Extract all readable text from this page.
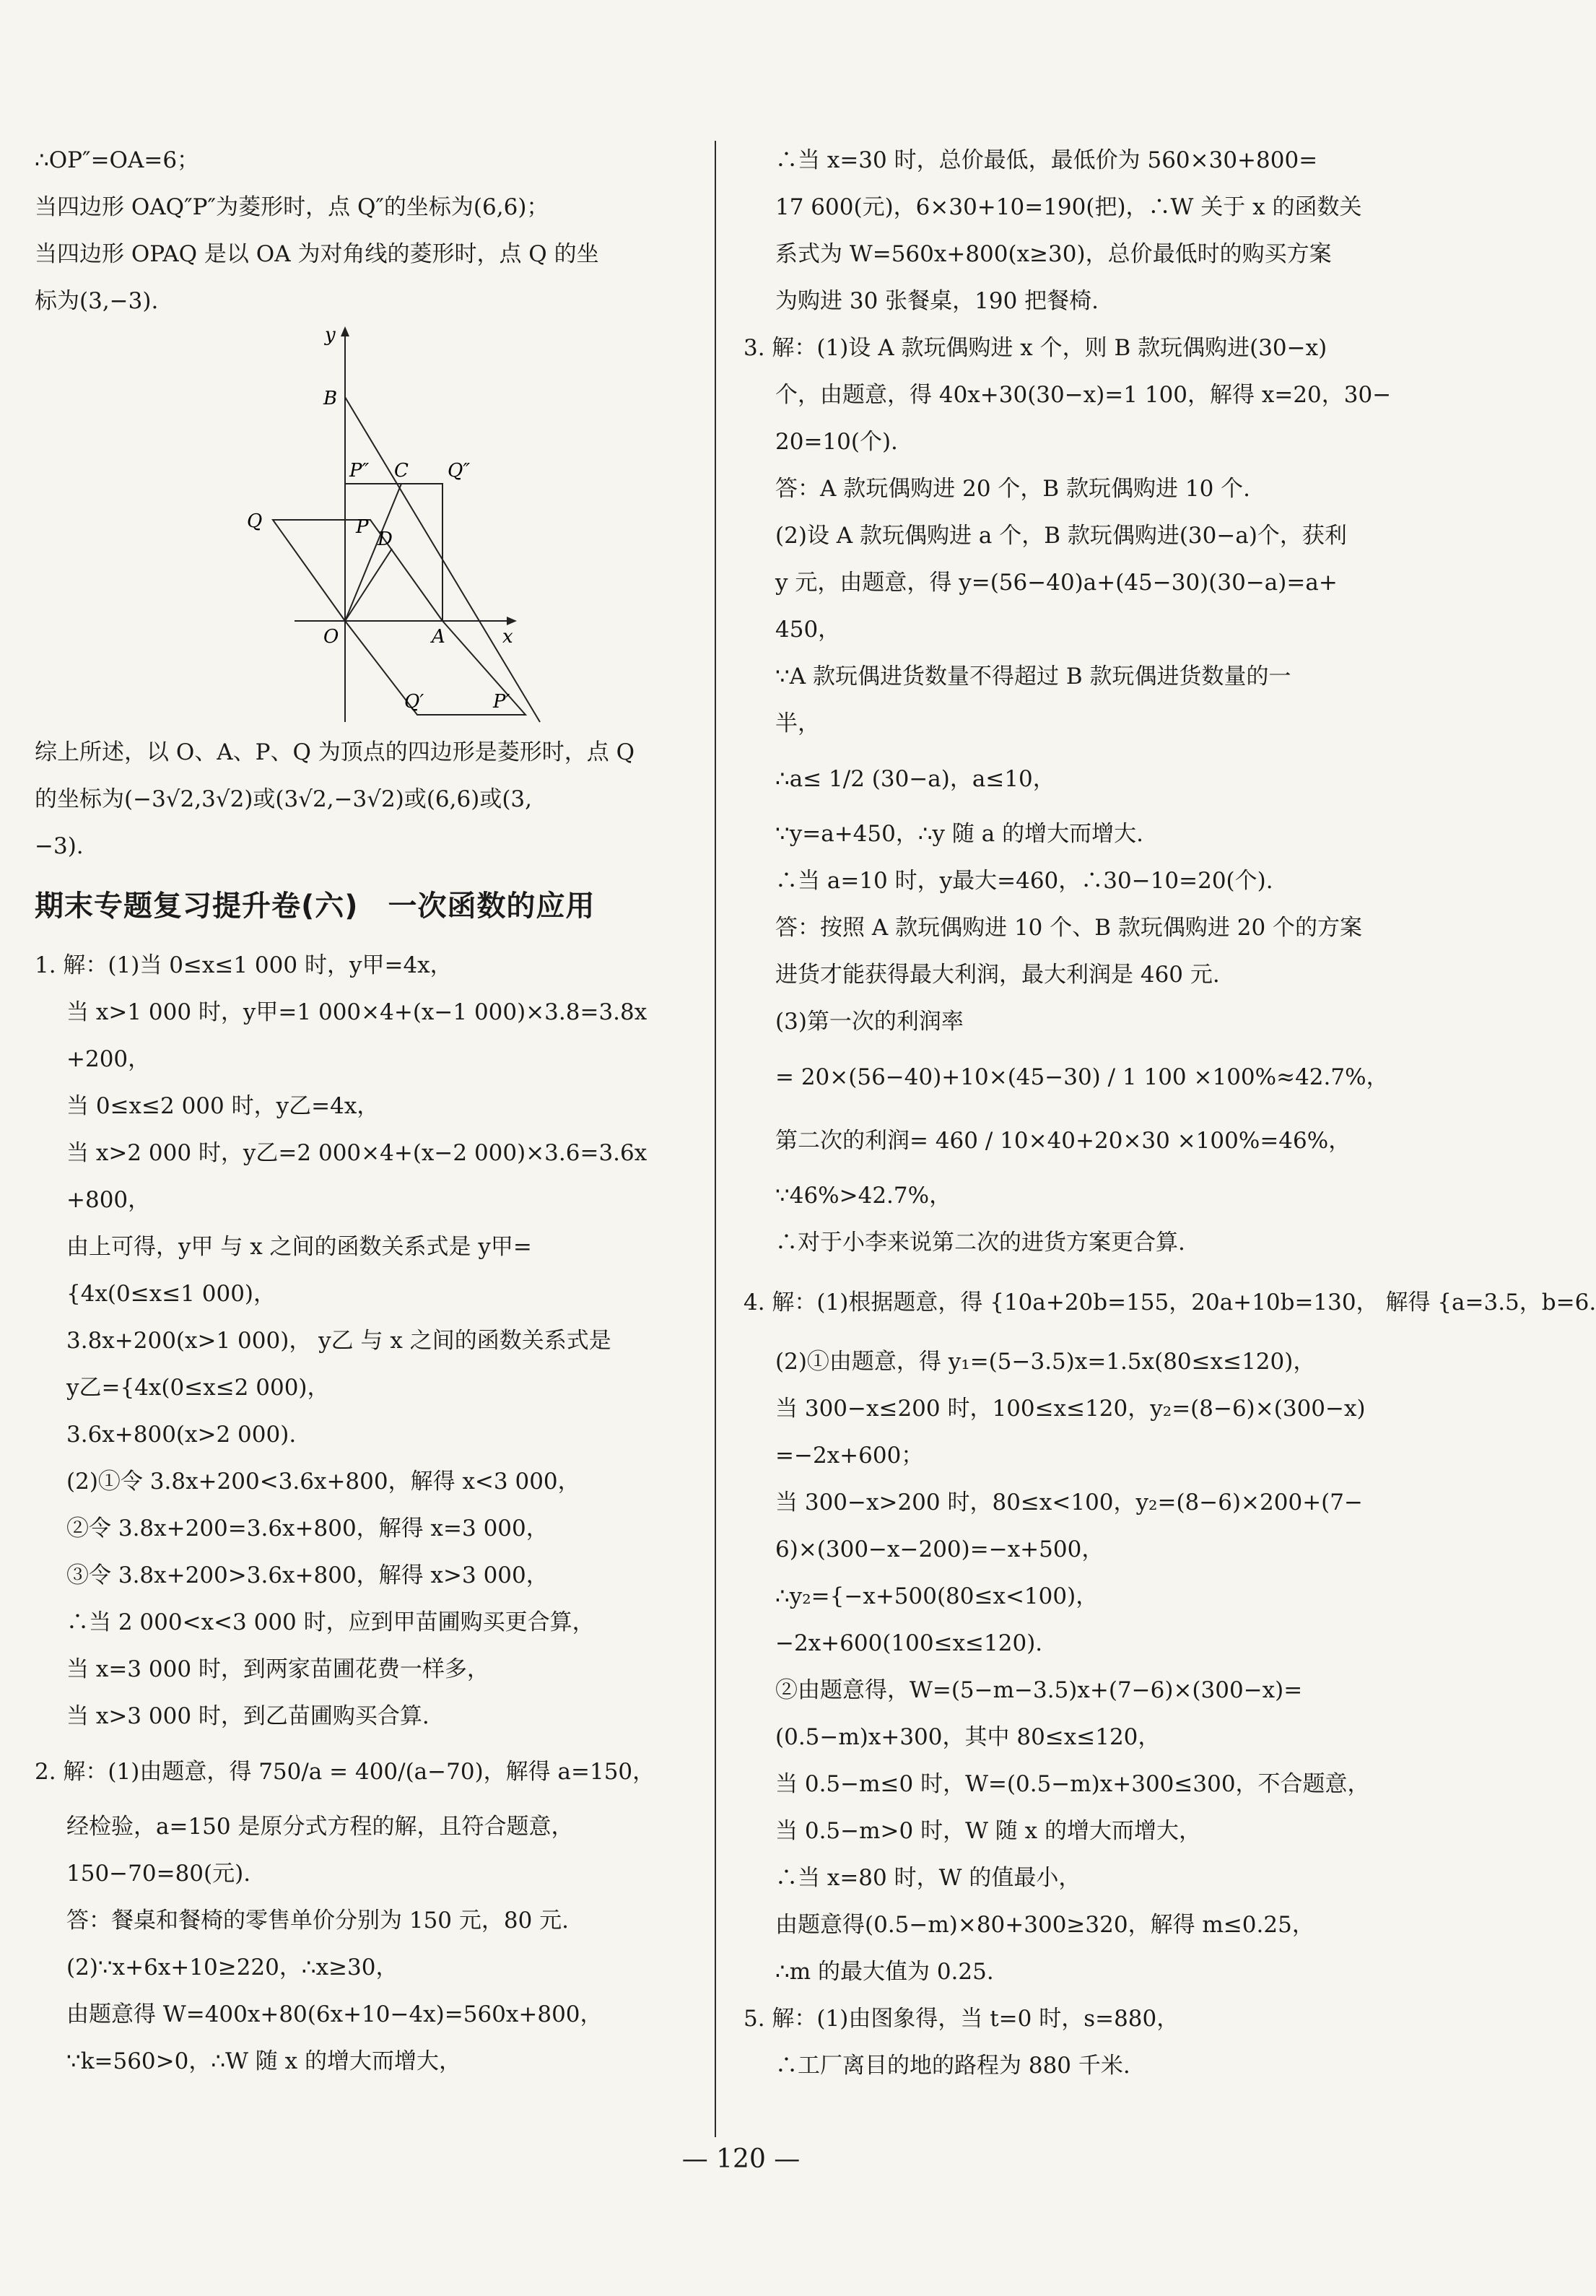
∴OP″=OA=6；
当四边形 OAQ″P″为菱形时，点 Q″的坐标为(6,6)；
当四边形 OPAQ 是以 OA 为对角线的菱形时，点 Q 的坐
标为(3,−3).
y
x
O	A
B
C
D
P
Q
P″	Q″
P′
Q′
综上所述，以 O、A、P、Q 为顶点的四边形是菱形时，点 Q
的坐标为(−3√2,3√2)或(3√2,−3√2)或(6,6)或(3,
−3).
期末专题复习提升卷(六)　一次函数的应用
1. 解：(1)当 0≤x≤1 000 时，y甲=4x，
当 x>1 000 时，y甲=1 000×4+(x−1 000)×3.8=3.8x
+200，
当 0≤x≤2 000 时，y乙=4x，
当 x>2 000 时，y乙=2 000×4+(x−2 000)×3.6=3.6x
+800，
由上可得，y甲 与 x 之间的函数关系式是 y甲=
{4x(0≤x≤1 000)，
3.8x+200(x>1 000)， y乙 与 x 之间的函数关系式是
y乙={4x(0≤x≤2 000)，
3.6x+800(x>2 000).
(2)①令 3.8x+200<3.6x+800，解得 x<3 000，
②令 3.8x+200=3.6x+800，解得 x=3 000，
③令 3.8x+200>3.6x+800，解得 x>3 000，
∴当 2 000<x<3 000 时，应到甲苗圃购买更合算，
当 x=3 000 时，到两家苗圃花费一样多，
当 x>3 000 时，到乙苗圃购买合算.
2. 解：(1)由题意，得 750/a = 400/(a−70)，解得 a=150，
经检验，a=150 是原分式方程的解，且符合题意，
150−70=80(元).
答：餐桌和餐椅的零售单价分别为 150 元，80 元.
(2)∵x+6x+10≥220，∴x≥30，
由题意得 W=400x+80(6x+10−4x)=560x+800，
∵k=560>0，∴W 随 x 的增大而增大，
∴当 x=30 时，总价最低，最低价为 560×30+800=
17 600(元)，6×30+10=190(把)，∴W 关于 x 的函数关
系式为 W=560x+800(x≥30)，总价最低时的购买方案
为购进 30 张餐桌，190 把餐椅.
3. 解：(1)设 A 款玩偶购进 x 个，则 B 款玩偶购进(30−x)
个，由题意，得 40x+30(30−x)=1 100，解得 x=20，30−
20=10(个).
答：A 款玩偶购进 20 个，B 款玩偶购进 10 个.
(2)设 A 款玩偶购进 a 个，B 款玩偶购进(30−a)个，获利
y 元，由题意，得 y=(56−40)a+(45−30)(30−a)=a+
450，
∵A 款玩偶进货数量不得超过 B 款玩偶进货数量的一
半，
∴a≤ 1/2 (30−a)，a≤10，
∵y=a+450，∴y 随 a 的增大而增大.
∴当 a=10 时，y最大=460，∴30−10=20(个).
答：按照 A 款玩偶购进 10 个、B 款玩偶购进 20 个的方案
进货才能获得最大利润，最大利润是 460 元.
(3)第一次的利润率
= 20×(56−40)+10×(45−30) / 1 100 ×100%≈42.7%，
第二次的利润= 460 / 10×40+20×30 ×100%=46%，
∵46%>42.7%，
∴对于小李来说第二次的进货方案更合算.
4. 解：(1)根据题意，得 {10a+20b=155，20a+10b=130， 解得 {a=3.5，b=6.
(2)①由题意，得 y₁=(5−3.5)x=1.5x(80≤x≤120)，
当 300−x≤200 时，100≤x≤120，y₂=(8−6)×(300−x)
=−2x+600；
当 300−x>200 时，80≤x<100，y₂=(8−6)×200+(7−
6)×(300−x−200)=−x+500，
∴y₂={−x+500(80≤x<100)，
−2x+600(100≤x≤120).
②由题意得，W=(5−m−3.5)x+(7−6)×(300−x)=
(0.5−m)x+300，其中 80≤x≤120，
当 0.5−m≤0 时，W=(0.5−m)x+300≤300，不合题意，
当 0.5−m>0 时，W 随 x 的增大而增大，
∴当 x=80 时，W 的值最小，
由题意得(0.5−m)×80+300≥320，解得 m≤0.25，
∴m 的最大值为 0.25.
5. 解：(1)由图象得，当 t=0 时，s=880，
∴工厂离目的地的路程为 880 千米.
— 120 —
